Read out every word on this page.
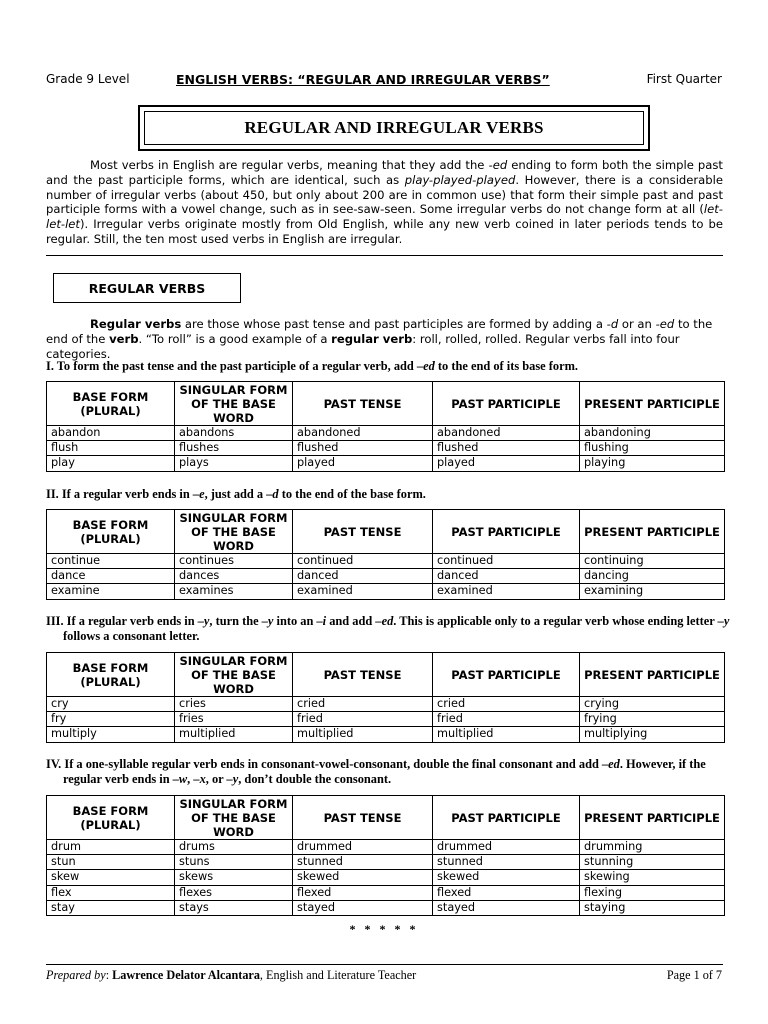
Grade 9 Level	ENGLISH VERBS: “REGULAR AND IRREGULAR VERBS”	First Quarter
REGULAR AND IRREGULAR VERBS

Most verbs in English are regular verbs, meaning that they add the -ed ending to form both the simple past and the past participle forms, which are identical, such as play-played-played. However, there is a considerable number of irregular verbs (about 450, but only about 200 are in common use) that form their simple past and past participle forms with a vowel change, such as in see-saw-seen. Some irregular verbs do not change form at all (let-let-let). Irregular verbs originate mostly from Old English, while any new verb coined in later periods tends to be regular. Still, the ten most used verbs in English are irregular.

REGULAR VERBS

Regular verbs are those whose past tense and past participles are formed by adding a -d or an -ed to the end of the verb. “To roll” is a good example of a regular verb: roll, rolled, rolled. Regular verbs fall into four categories.

I. To form the past tense and the past participle of a regular verb, add –ed to the end of its base form.

BASE FORM (PLURAL)	SINGULAR FORM OF THE BASE WORD	PAST TENSE	PAST PARTICIPLE	PRESENT PARTICIPLE
abandon	abandons	abandoned	abandoned	abandoning
flush	flushes	flushed	flushed	flushing
play	plays	played	played	playing

II. If a regular verb ends in –e, just add a –d to the end of the base form.

BASE FORM (PLURAL)	SINGULAR FORM OF THE BASE WORD	PAST TENSE	PAST PARTICIPLE	PRESENT PARTICIPLE
continue	continues	continued	continued	continuing
dance	dances	danced	danced	dancing
examine	examines	examined	examined	examining

III. If a regular verb ends in –y, turn the –y into an –i and add –ed. This is applicable only to a regular verb whose ending letter –y follows a consonant letter.

BASE FORM (PLURAL)	SINGULAR FORM OF THE BASE WORD	PAST TENSE	PAST PARTICIPLE	PRESENT PARTICIPLE
cry	cries	cried	cried	crying
fry	fries	fried	fried	frying
multiply	multiplied	multiplied	multiplied	multiplying

IV. If a one-syllable regular verb ends in consonant-vowel-consonant, double the final consonant and add –ed. However, if the regular verb ends in –w, –x, or –y, don’t double the consonant.

BASE FORM (PLURAL)	SINGULAR FORM OF THE BASE WORD	PAST TENSE	PAST PARTICIPLE	PRESENT PARTICIPLE
drum	drums	drummed	drummed	drumming
stun	stuns	stunned	stunned	stunning
skew	skews	skewed	skewed	skewing
flex	flexes	flexed	flexed	flexing
stay	stays	stayed	stayed	staying
* * * * *
Prepared by: Lawrence Delator Alcantara, English and Literature Teacher	Page 1 of 7
